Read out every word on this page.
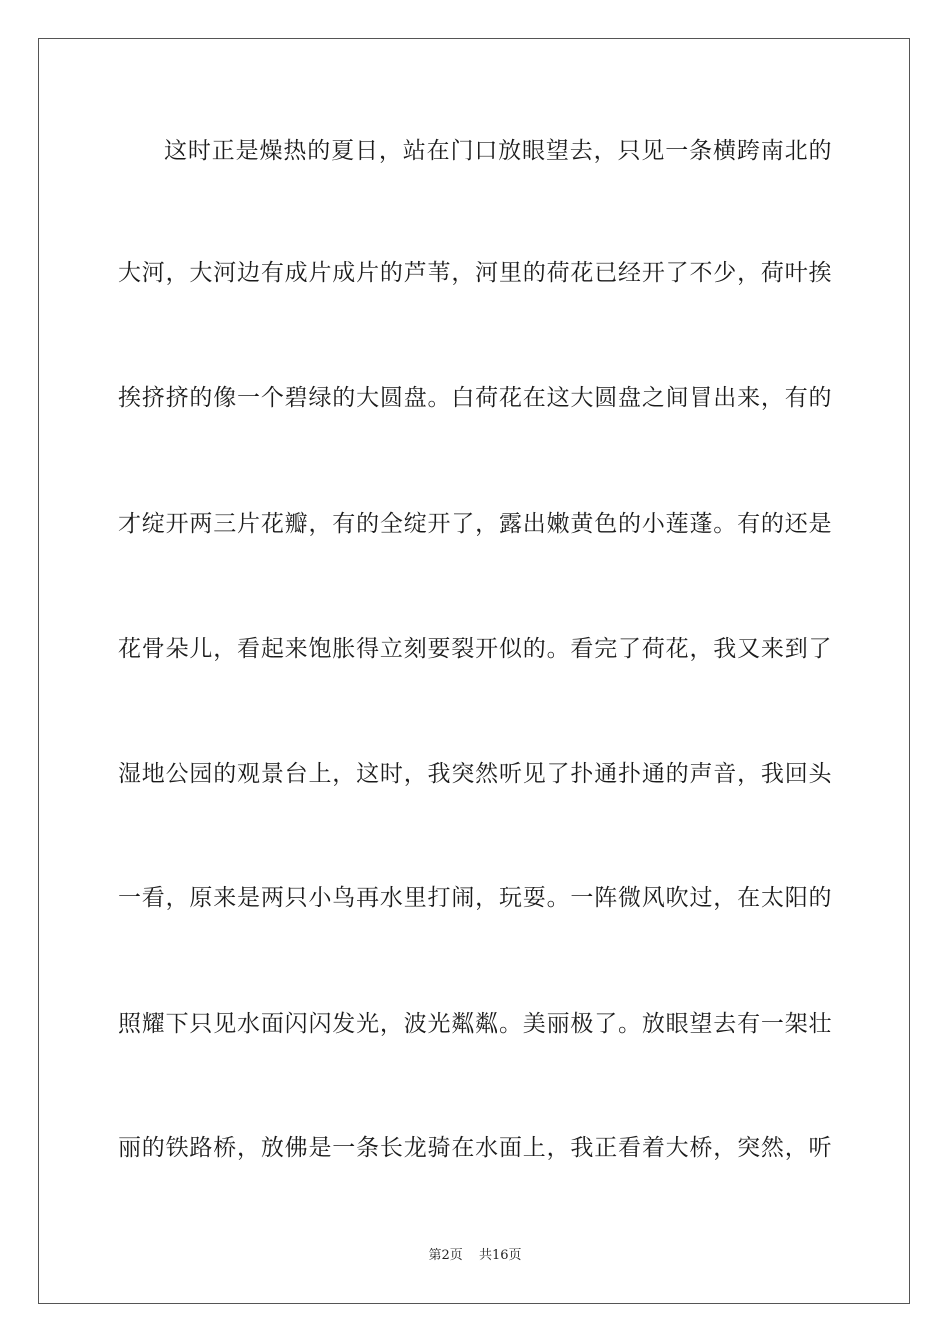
这时正是燥热的夏日，站在门口放眼望去，只见一条横跨南北的
大河，大河边有成片成片的芦苇，河里的荷花已经开了不少，荷叶挨
挨挤挤的像一个碧绿的大圆盘。白荷花在这大圆盘之间冒出来，有的
才绽开两三片花瓣，有的全绽开了，露出嫩黄色的小莲蓬。有的还是
花骨朵儿，看起来饱胀得立刻要裂开似的。看完了荷花，我又来到了
湿地公园的观景台上，这时，我突然听见了扑通扑通的声音，我回头
一看，原来是两只小鸟再水里打闹，玩耍。一阵微风吹过，在太阳的
照耀下只见水面闪闪发光，波光粼粼。美丽极了。放眼望去有一架壮
丽的铁路桥，放佛是一条长龙骑在水面上，我正看着大桥，突然，听
第2页 共16页
